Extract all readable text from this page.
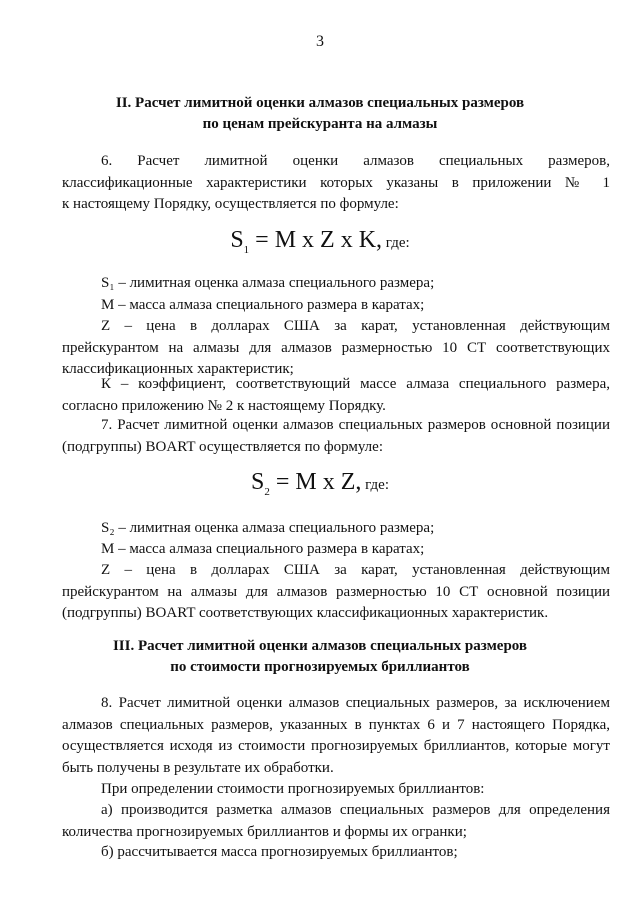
3
II. Расчет лимитной оценки алмазов специальных размеров
по ценам прейскуранта на алмазы
6. Расчет лимитной оценки алмазов специальных размеров,
классификационные характеристики которых указаны в приложении № 1
к настоящему Порядку, осуществляется по формуле:
$S_1 = M$ x Z x K, где:
S₁ – лимитная оценка алмаза специального размера;
M – масса алмаза специального размера в каратах;
Z – цена в долларах США за карат, установленная действующим
прейскурантом на алмазы для алмазов размерностью 10 СТ соответствующих
классификационных характеристик;
К – коэффициент, соответствующий массе алмаза специального размера,
согласно приложению № 2 к настоящему Порядку.
7. Расчет лимитной оценки алмазов специальных размеров основной позиции
(подгруппы) BOART осуществляется по формуле:
$S_2 = M$ x Z, где:
S₂ – лимитная оценка алмаза специального размера;
M – масса алмаза специального размера в каратах;
Z – цена в долларах США за карат, установленная действующим
прейскурантом на алмазы для алмазов размерностью 10 СТ основной позиции
(подгруппы) BOART соответствующих классификационных характеристик.
III. Расчет лимитной оценки алмазов специальных размеров
по стоимости прогнозируемых бриллиантов
8. Расчет лимитной оценки алмазов специальных размеров, за исключением
алмазов специальных размеров, указанных в пунктах 6 и 7 настоящего Порядка,
осуществляется исходя из стоимости прогнозируемых бриллиантов, которые могут
быть получены в результате их обработки.
При определении стоимости прогнозируемых бриллиантов:
а) производится разметка алмазов специальных размеров для определения
количества прогнозируемых бриллиантов и формы их огранки;
б) рассчитывается масса прогнозируемых бриллиантов;
